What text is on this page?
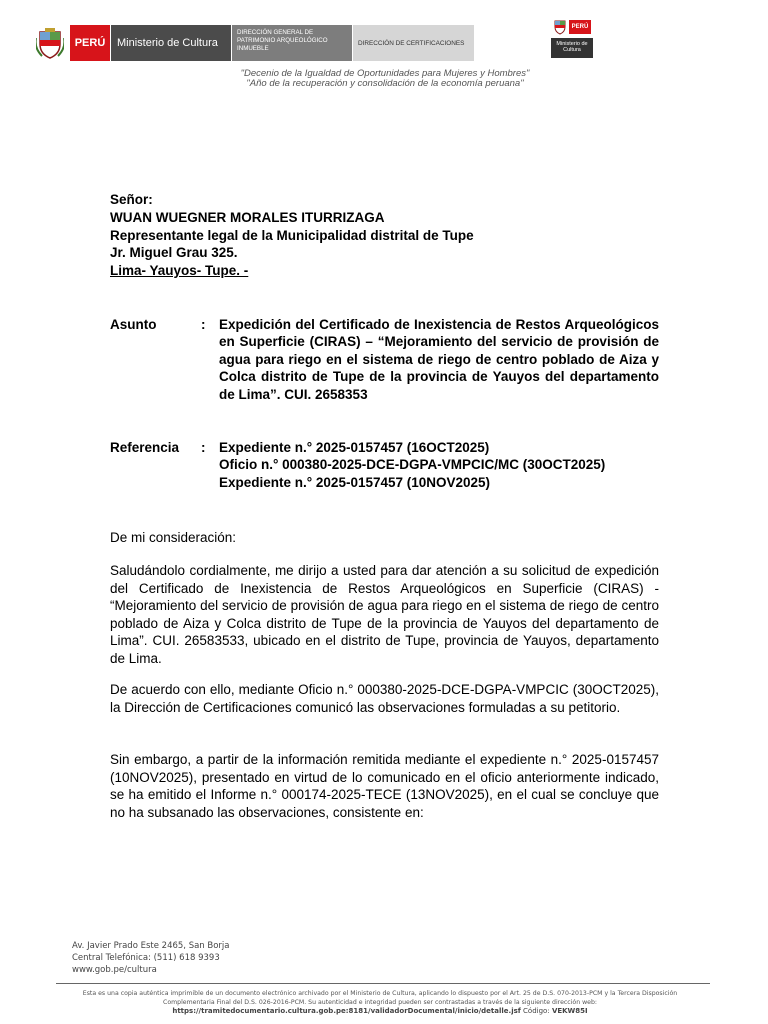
PERÚ	Ministerio de Cultura
DIRECCIÓN GENERAL DE PATRIMONIO ARQUEOLÓGICO INMUEBLE
DIRECCIÓN DE CERTIFICACIONES
PERÚ
Ministerio de Cultura
"Decenio de la Igualdad de Oportunidades para Mujeres y Hombres"
"Año de la recuperación y consolidación de la economía peruana"
Señor:
WUAN WUEGNER MORALES ITURRIZAGA
Representante legal de la Municipalidad distrital de Tupe
Jr. Miguel Grau 325.
Lima- Yauyos- Tupe. -
Asunto	: Expedición del Certificado de Inexistencia de Restos Arqueológicos en Superficie (CIRAS) – “Mejoramiento del servicio de provisión de agua para riego en el sistema de riego de centro poblado de Aiza y Colca distrito de Tupe de la provincia de Yauyos del departamento de Lima”. CUI. 2658353
Referencia : Expediente n.° 2025-0157457 (16OCT2025)
Oficio n.° 000380-2025-DCE-DGPA-VMPCIC/MC (30OCT2025)
Expediente n.° 2025-0157457 (10NOV2025)
De mi consideración:
Saludándolo cordialmente, me dirijo a usted para dar atención a su solicitud de expedición del Certificado de Inexistencia de Restos Arqueológicos en Superficie (CIRAS) - “Mejoramiento del servicio de provisión de agua para riego en el sistema de riego de centro poblado de Aiza y Colca distrito de Tupe de la provincia de Yauyos del departamento de Lima”. CUI. 26583533, ubicado en el distrito de Tupe, provincia de Yauyos, departamento de Lima.
De acuerdo con ello, mediante Oficio n.° 000380-2025-DCE-DGPA-VMPCIC (30OCT2025), la Dirección de Certificaciones comunicó las observaciones formuladas a su petitorio.
Sin embargo, a partir de la información remitida mediante el expediente n.° 2025-0157457 (10NOV2025), presentado en virtud de lo comunicado en el oficio anteriormente indicado, se ha emitido el Informe n.° 000174-2025-TECE (13NOV2025), en el cual se concluye que no ha subsanado las observaciones, consistente en:
Av. Javier Prado Este 2465, San Borja
Central Telefónica: (511) 618 9393
www.gob.pe/cultura
Esta es una copia auténtica imprimible de un documento electrónico archivado por el Ministerio de Cultura, aplicando lo dispuesto por el Art. 25 de D.S. 070-2013-PCM y la Tercera Disposición Complementaria Final del D.S. 026-2016-PCM. Su autenticidad e integridad pueden ser contrastadas a través de la siguiente dirección web:
https://tramitedocumentario.cultura.gob.pe:8181/validadorDocumental/inicio/detalle.jsf Código: VEKW85I
